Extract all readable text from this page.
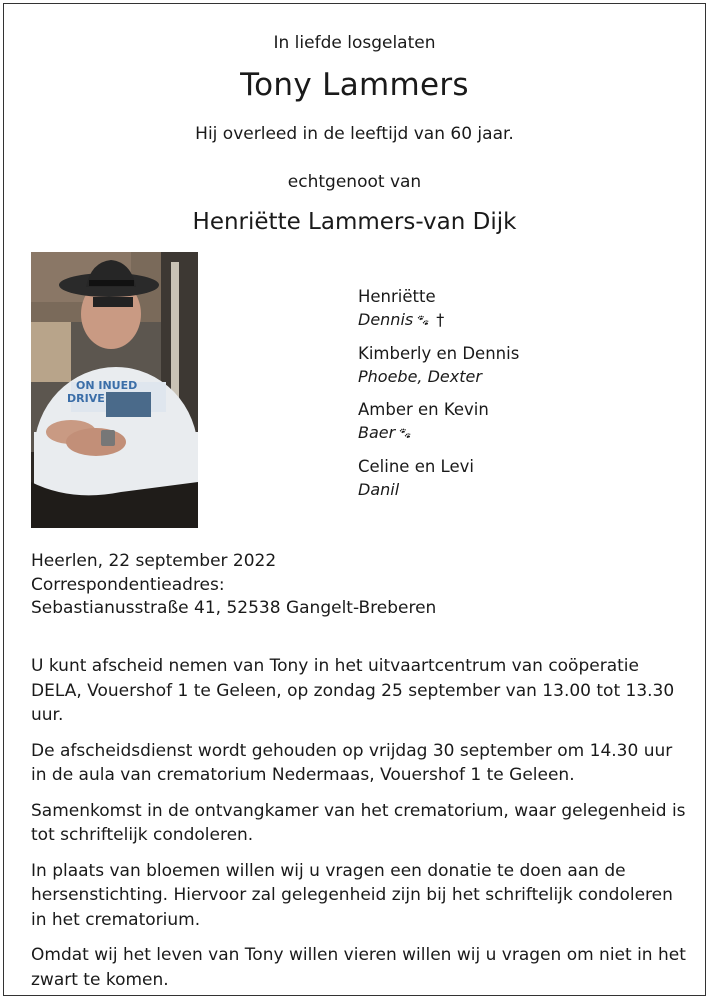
In liefde losgelaten
Tony Lammers
Hij overleed in de leeftijd van 60 jaar.
echtgenoot van
Henriëtte Lammers-van Dijk
ON INUED
DRIVE
Henriëtte
Dennis 🐾︎ †
Kimberly en Dennis
Phoebe, Dexter
Amber en Kevin
Baer 🐾︎
Celine en Levi
Danil
Heerlen, 22 september 2022
Correspondentieadres:
Sebastianusstraße 41, 52538 Gangelt-Breberen

U kunt afscheid nemen van Tony in het uitvaartcentrum van coöperatie DELA, Vouershof 1 te Geleen, op zondag 25 september van 13.00 tot 13.30 uur.

De afscheidsdienst wordt gehouden op vrijdag 30 september om 14.30 uur in de aula van crematorium Nedermaas, Vouershof 1 te Geleen.

Samenkomst in de ontvangkamer van het crematorium, waar gelegenheid is tot schriftelijk condoleren.

In plaats van bloemen willen wij u vragen een donatie te doen aan de hersenstichting. Hiervoor zal gelegenheid zijn bij het schriftelijk condoleren in het crematorium.

Omdat wij het leven van Tony willen vieren willen wij u vragen om niet in het zwart te komen.
